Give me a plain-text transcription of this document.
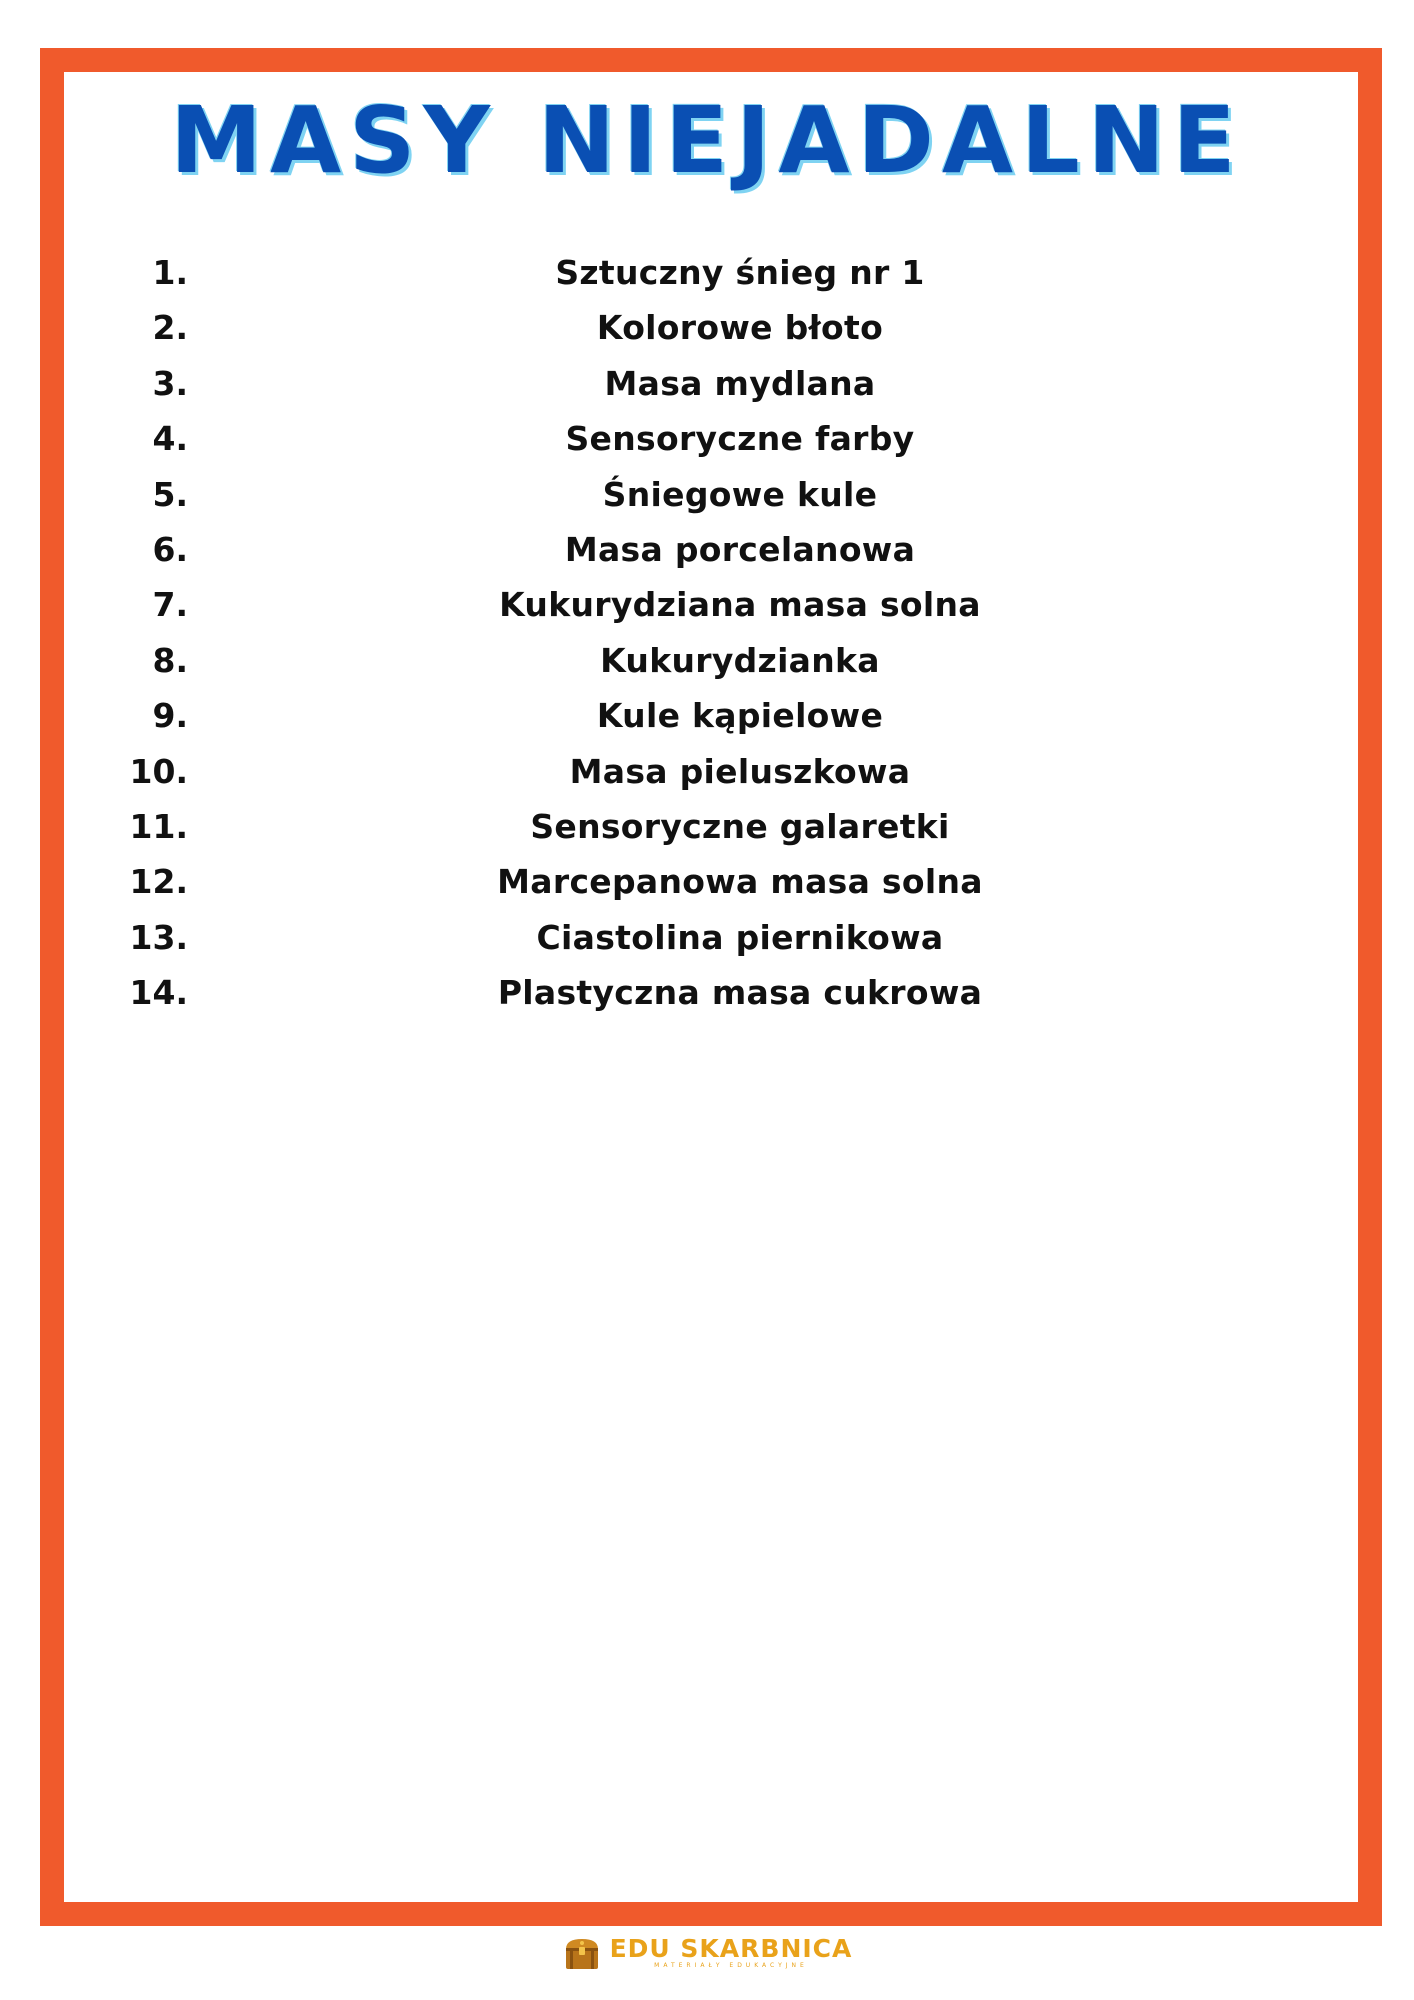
MASY NIEJADALNE
1.	Sztuczny śnieg nr 1
2.	Kolorowe błoto
3.	Masa mydlana
4.	Sensoryczne farby
5.	Śniegowe kule
6.	Masa porcelanowa
7.	Kukurydziana masa solna
8.	Kukurydzianka
9.	Kule kąpielowe
10.	Masa pieluszkowa
11.	Sensoryczne galaretki
12.	Marcepanowa masa solna
13.	Ciastolina piernikowa
14.	Plastyczna masa cukrowa
EDU SKARBNICA
MATERIAŁY EDUKACYJNE
